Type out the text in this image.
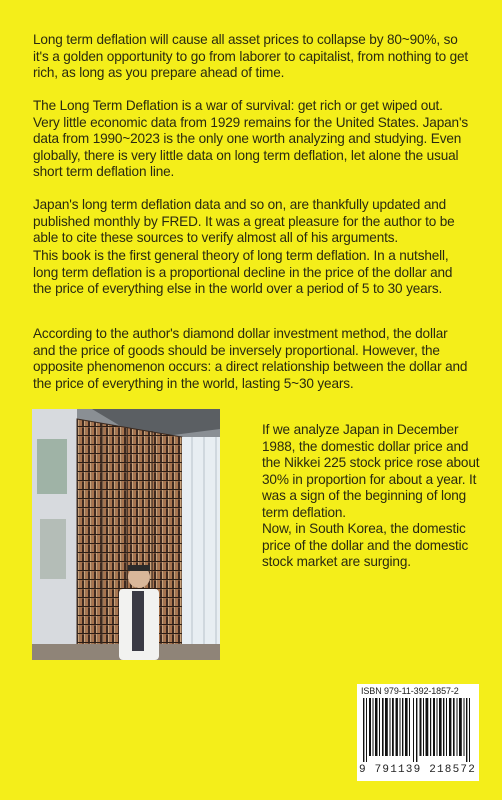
Long term deflation will cause all asset prices to collapse by 80~90%, so it's a golden opportunity to go from laborer to capitalist, from nothing to get rich, as long as you prepare ahead of time.

The Long Term Deflation is a war of survival: get rich or get wiped out. Very little economic data from 1929 remains for the United States. Japan's data from 1990~2023 is the only one worth analyzing and studying. Even globally, there is very little data on long term deflation, let alone the usual short term deflation line.

Japan's long term deflation data and so on, are thankfully updated and published monthly by FRED. It was a great pleasure for the author to be able to cite these sources to verify almost all of his arguments.

This book is the first general theory of long term deflation. In a nutshell, long term deflation is a proportional decline in the price of the dollar and the price of everything else in the world over a period of 5 to 30 years.

According to the author's diamond dollar investment method, the dollar and the price of goods should be inversely proportional. However, the opposite phenomenon occurs: a direct relationship between the dollar and the price of everything in the world, lasting 5~30 years.

If we analyze Japan in December 1988, the domestic dollar price and the Nikkei 225 stock price rose about 30% in proportion for about a year. It was a sign of the beginning of long term deflation.

Now, in South Korea, the domestic price of the dollar and the domestic stock market are surging.

ISBN 979-11-392-1857-2
9 791139 218572
